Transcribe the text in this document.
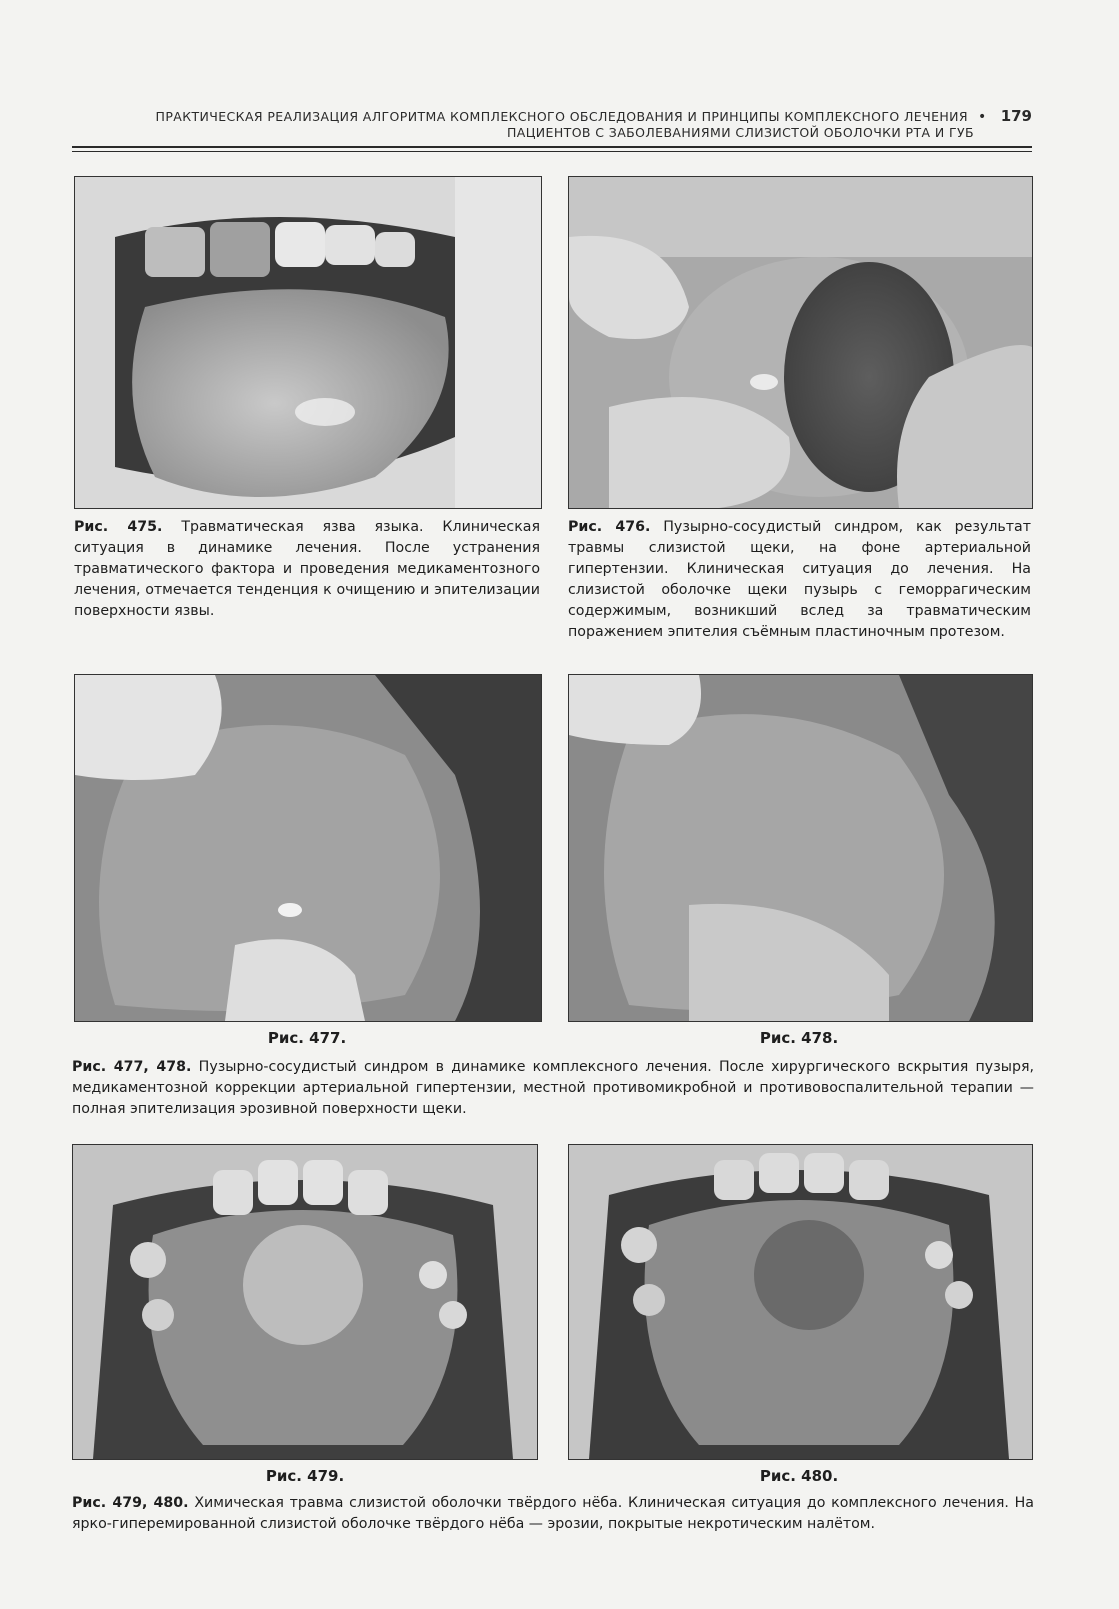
ПРАКТИЧЕСКАЯ РЕАЛИЗАЦИЯ АЛГОРИТМА КОМПЛЕКСНОГО ОБСЛЕДОВАНИЯ И ПРИНЦИПЫ КОМПЛЕКСНОГО ЛЕЧЕНИЯ • 179
ПАЦИЕНТОВ С ЗАБОЛЕВАНИЯМИ СЛИЗИСТОЙ ОБОЛОЧКИ РТА И ГУБ
Рис. 475. Травматическая язва языка. Клиническая ситуация в динамике лечения. После устранения травматического фактора и проведения медикаментозного лечения, отмечается тенденция к очищению и эпителизации поверхности язвы.
Рис. 476. Пузырно-сосудистый синдром, как результат травмы слизистой щеки, на фоне артериальной гипертензии. Клиническая ситуация до лечения. На слизистой оболочке щеки пузырь с геморрагическим содержимым, возникший вслед за травматическим поражением эпителия съёмным пластиночным протезом.
Рис. 477.	Рис. 478.
Рис. 477, 478. Пузырно-сосудистый синдром в динамике комплексного лечения. После хирургического вскрытия пузыря, медикаментозной коррекции артериальной гипертензии, местной противомикробной и противовоспалительной терапии — полная эпителизация эрозивной поверхности щеки.
Рис. 479.	Рис. 480.
Рис. 479, 480. Химическая травма слизистой оболочки твёрдого нёба. Клиническая ситуация до комплексного лечения. На ярко-гиперемированной слизистой оболочке твёрдого нёба — эрозии, покрытые некротическим налётом.
